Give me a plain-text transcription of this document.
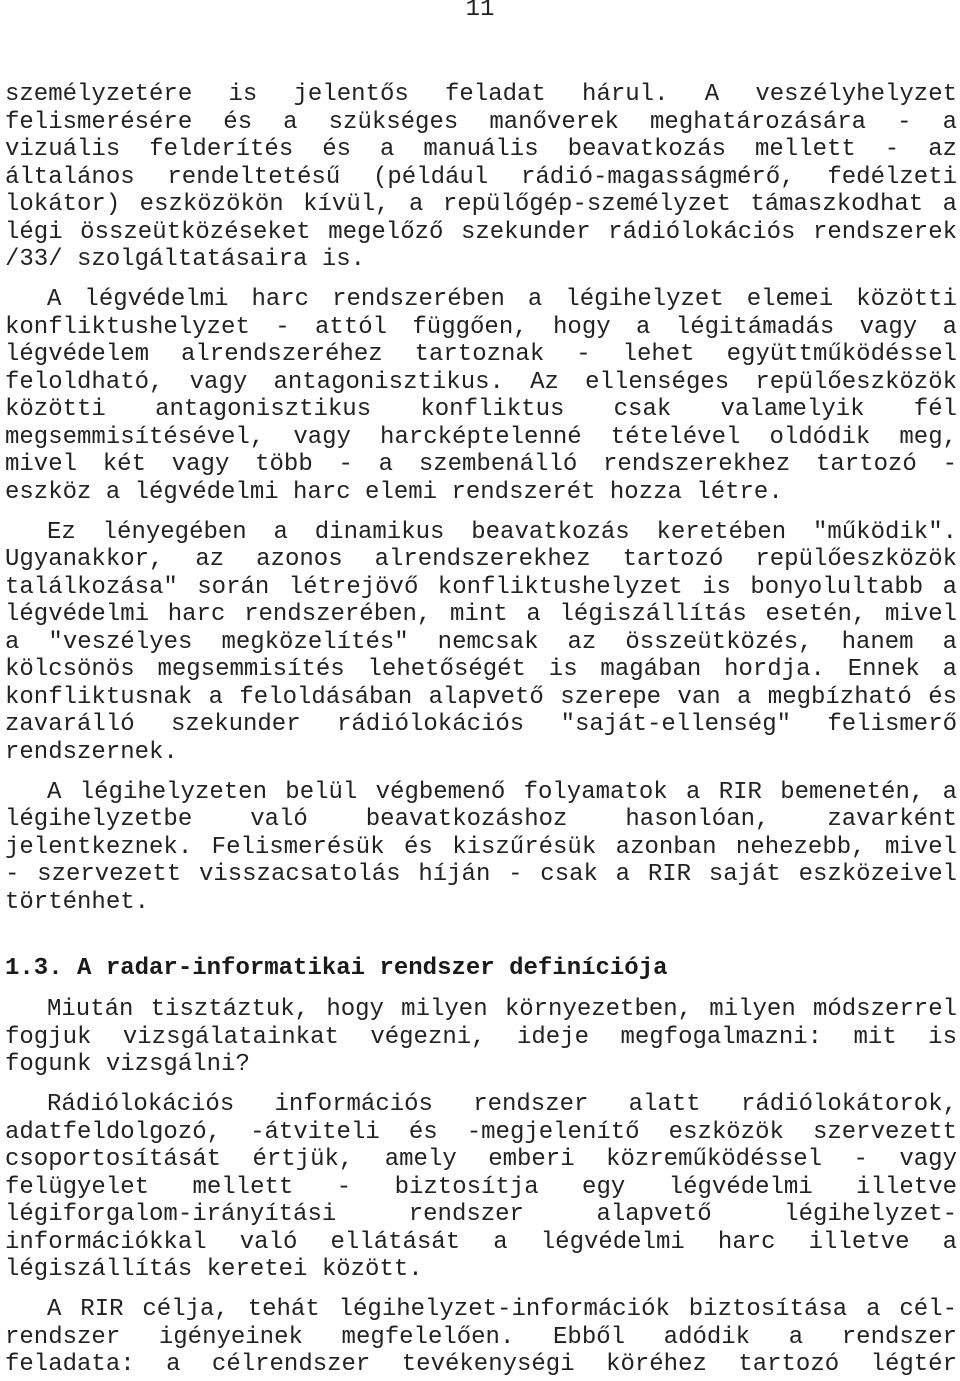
11
személyzetére is jelentős feladat hárul. A veszélyhelyzet
felismerésére és a szükséges manőverek meghatározására - a
vizuális felderítés és a manuális beavatkozás mellett - az
általános rendeltetésű (például rádió-magasságmérő, fedélzeti
lokátor) eszközökön kívül, a repülőgép-személyzet támaszkodhat a
légi összeütközéseket megelőző szekunder rádiólokációs rendszerek
/33/ szolgáltatásaira is.
A légvédelmi harc rendszerében a légihelyzet elemei közötti
konfliktushelyzet - attól függően, hogy a légitámadás vagy a
légvédelem alrendszeréhez tartoznak - lehet együttműködéssel
feloldható, vagy antagonisztikus. Az ellenséges repülőeszközök
közötti antagonisztikus konfliktus csak valamelyik fél
megsemmisítésével, vagy harcképtelenné tételével oldódik meg,
mivel két vagy több - a szembenálló rendszerekhez tartozó -
eszköz a légvédelmi harc elemi rendszerét hozza létre.
Ez lényegében a dinamikus beavatkozás keretében "működik".
Ugyanakkor, az azonos alrendszerekhez tartozó repülőeszközök
találkozása" során létrejövő konfliktushelyzet is bonyolultabb a
légvédelmi harc rendszerében, mint a légiszállítás esetén, mivel
a "veszélyes megközelítés" nemcsak az összeütközés, hanem a
kölcsönös megsemmisítés lehetőségét is magában hordja. Ennek a
konfliktusnak a feloldásában alapvető szerepe van a megbízható és
zavarálló szekunder rádiólokációs "saját-ellenség" felismerő
rendszernek.
A légihelyzeten belül végbemenő folyamatok a RIR bemenetén, a
légihelyzetbe való beavatkozáshoz hasonlóan, zavarként
jelentkeznek. Felismerésük és kiszűrésük azonban nehezebb, mivel
- szervezett visszacsatolás híján - csak a RIR saját eszközeivel
történhet.
1.3. A radar-informatikai rendszer definíciója
Miután tisztáztuk, hogy milyen környezetben, milyen módszerrel
fogjuk vizsgálatainkat végezni, ideje megfogalmazni: mit is
fogunk vizsgálni?
Rádiólokációs információs rendszer alatt rádiólokátorok,
adatfeldolgozó, -átviteli és -megjelenítő eszközök szervezett
csoportosítását értjük, amely emberi közreműködéssel - vagy
felügyelet mellett - biztosítja egy légvédelmi illetve
légiforgalom-irányítási rendszer alapvető légihelyzet-
információkkal való ellátását a légvédelmi harc illetve a
légiszállítás keretei között.
A RIR célja, tehát légihelyzet-információk biztosítása a cél-
rendszer igényeinek megfelelően. Ebből adódik a rendszer
feladata: a célrendszer tevékenységi köréhez tartozó légtér
